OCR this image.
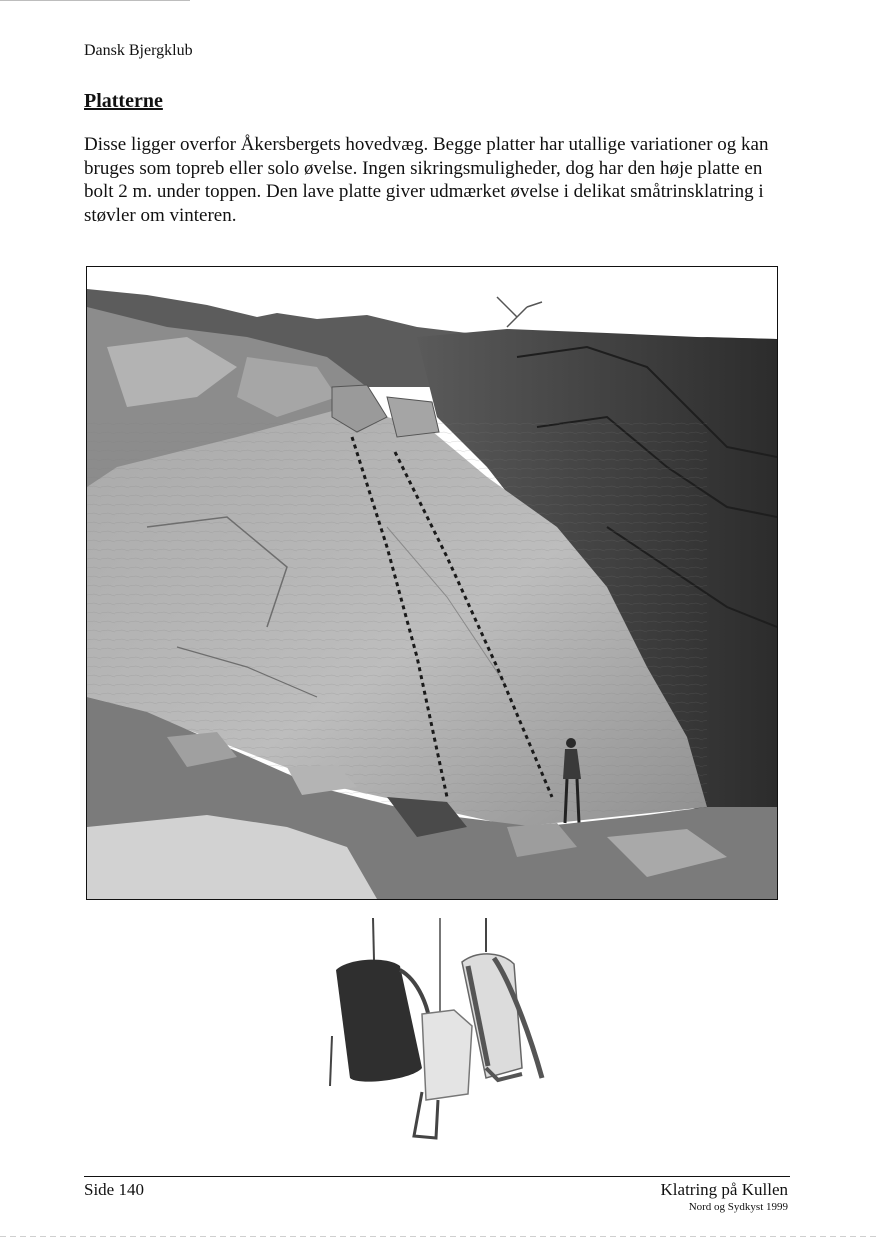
Dansk Bjergklub
Platterne
Disse ligger overfor Åkersbergets hovedvæg. Begge platter har utallige variationer og kan bruges som topreb eller solo øvelse. Ingen sikringsmuligheder, dog har den høje platte en bolt 2 m. under toppen. Den lave platte giver udmærket øvelse i delikat småtrinsklatring i støvler om vinteren.
Side 140	Klatring på Kullen
Nord og Sydkyst 1999
